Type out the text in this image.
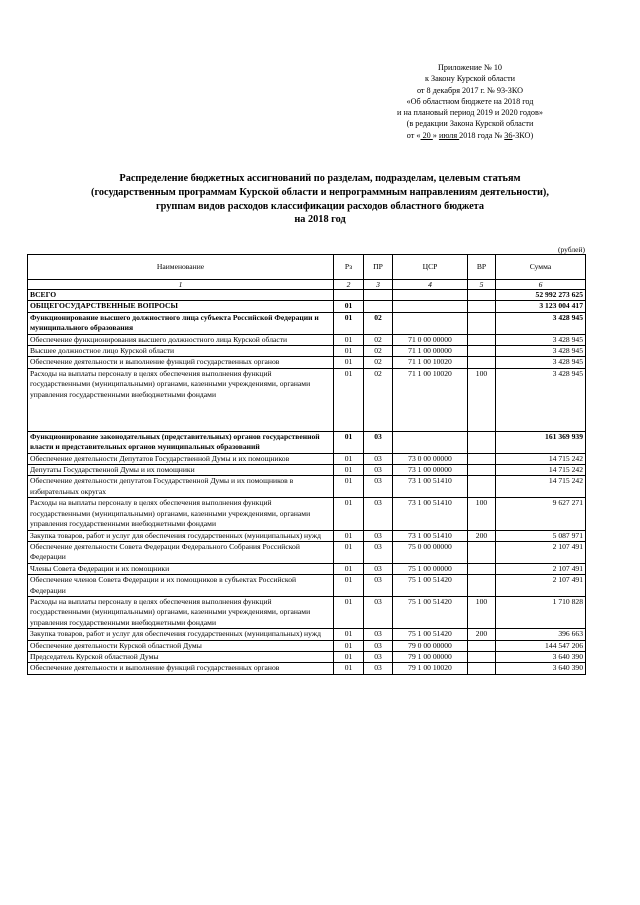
Приложение № 10
к Закону Курской области
от 8 декабря 2017 г. № 93-ЗКО
«Об областном бюджете на 2018 год
и на плановый период 2019 и 2020 годов»
(в редакции Закона Курской области
от « 20 » июля 2018 года № 36-ЗКО)
Распределение бюджетных ассигнований по разделам, подразделам, целевым статьям
(государственным программам Курской области и непрограммным направлениям деятельности),
группам видов расходов классификации расходов областного бюджета
на 2018 год
(рублей)
Наименование	Рз	ПР	ЦСР	ВР	Сумма
1	2	3	4	5	6
ВСЕГО					52 992 273 625
ОБЩЕГОСУДАРСТВЕННЫЕ ВОПРОСЫ	01				3 123 004 417
Функционирование высшего должностного лица субъекта Российской Федерации и муниципального образования	01	02			3 428 945
Обеспечение функционирования высшего должностного лица Курской области	01	02	71 0 00 00000		3 428 945
Высшее должностное лицо Курской области	01	02	71 1 00 00000		3 428 945
Обеспечение деятельности и выполнение функций государственных органов	01	02	71 1 00 10020		3 428 945
Расходы на выплаты персоналу в целях обеспечения выполнения функций государственными (муниципальными) органами, казенными учреждениями, органами управления государственными внебюджетными фондами	01	02	71 1 00 10020	100	3 428 945
Функционирование законодательных (представительных) органов государственной власти и представительных органов муниципальных образований	01	03			161 369 939
Обеспечение деятельности Депутатов Государственной Думы и их помощников	01	03	73 0 00 00000		14 715 242
Депутаты Государственной Думы и их помощники	01	03	73 1 00 00000		14 715 242
Обеспечение деятельности депутатов Государственной Думы и их помощников в избирательных округах	01	03	73 1 00 51410		14 715 242
Расходы на выплаты персоналу в целях обеспечения выполнения функций государственными (муниципальными) органами, казенными учреждениями, органами управления государственными внебюджетными фондами	01	03	73 1 00 51410	100	9 627 271
Закупка товаров, работ и услуг для обеспечения государственных (муниципальных) нужд	01	03	73 1 00 51410	200	5 087 971
Обеспечение деятельности Совета Федерации Федерального Собрания Российской Федерации	01	03	75 0 00 00000		2 107 491
Члены Совета Федерации и их помощники	01	03	75 1 00 00000		2 107 491
Обеспечение членов Совета Федерации и их помощников в субъектах Российской Федерации	01	03	75 1 00 51420		2 107 491
Расходы на выплаты персоналу в целях обеспечения выполнения функций государственными (муниципальными) органами, казенными учреждениями, органами управления государственными внебюджетными фондами	01	03	75 1 00 51420	100	1 710 828
Закупка товаров, работ и услуг для обеспечения государственных (муниципальных) нужд	01	03	75 1 00 51420	200	396 663
Обеспечение деятельности Курской областной Думы	01	03	79 0 00 00000		144 547 206
Председатель Курской областной Думы	01	03	79 1 00 00000		3 640 390
Обеспечение деятельности и выполнение функций государственных органов	01	03	79 1 00 10020		3 640 390
